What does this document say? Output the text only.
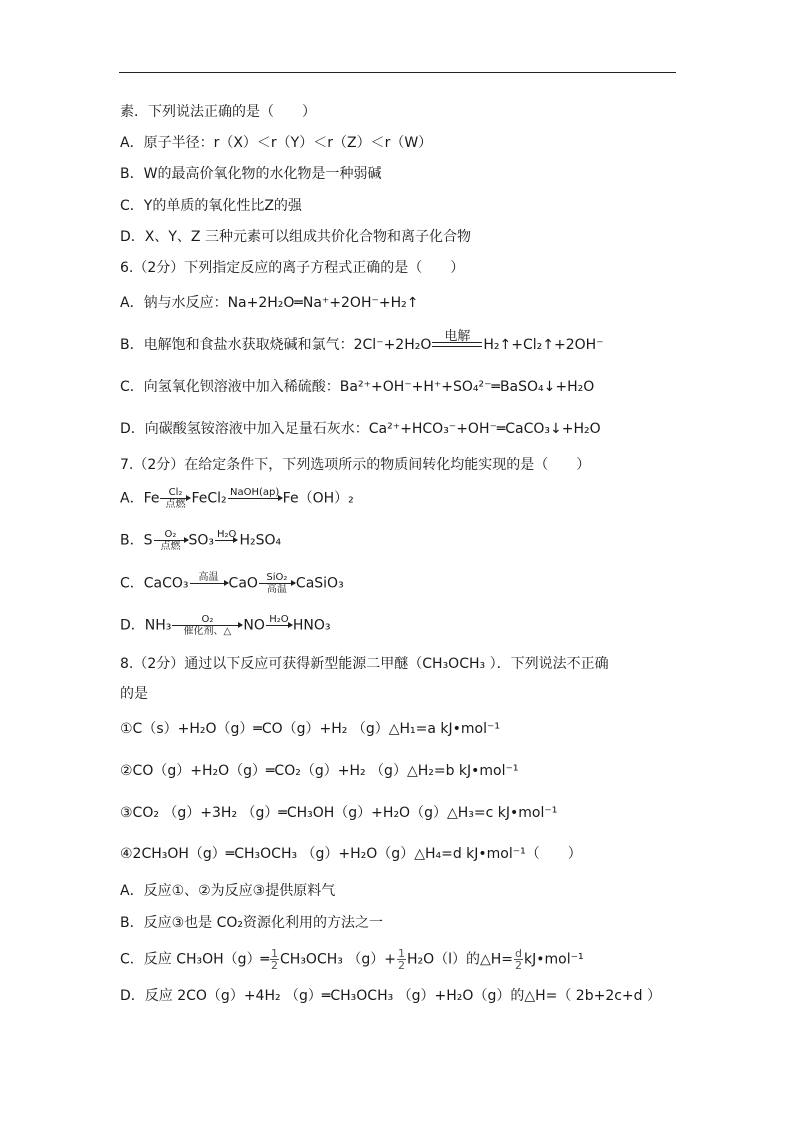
素．下列说法正确的是（　　）
A．原子半径：r（X）＜r（Y）＜r（Z）＜r（W）
B．W的最高价氧化物的水化物是一种弱碱
C．Y的单质的氧化性比Z的强
D．X、Y、Z 三种元素可以组成共价化合物和离子化合物
6.（2分）下列指定反应的离子方程式正确的是（　　）
A．钠与水反应：Na+2H₂O═Na⁺+2OH⁻+H₂↑
B．电解饱和食盐水获取烧碱和氯气：2Cl⁻+2H₂O
电解
H₂↑+Cl₂↑+2OH⁻
C．向氢氧化钡溶液中加入稀硫酸：Ba²⁺+OH⁻+H⁺+SO₄²⁻═BaSO₄↓+H₂O
D．向碳酸氢铵溶液中加入足量石灰水：Ca²⁺+HCO₃⁻+OH⁻═CaCO₃↓+H₂O
7.（2分）在给定条件下，下列选项所示的物质间转化均能实现的是（　　）
A．Fe Cl₂
点燃 FeCl₂ NaOH(ap) Fe（OH）₂
B．S	O₂
点燃 SO₃ H₂O H₂SO₄
C．CaCO₃	高温 CaO SiO₂
高温 CaSiO₃
D．NH₃	O₂
催化剂、△ NO H₂O HNO₃
8.（2分）通过以下反应可获得新型能源二甲醚（CH₃OCH₃ ）．下列说法不正确
的是
①C（s）+H₂O（g）═CO（g）+H₂ （g）△H₁=a kJ•mol⁻¹
②CO（g）+H₂O（g）═CO₂（g）+H₂ （g）△H₂=b kJ•mol⁻¹
③CO₂ （g）+3H₂ （g）═CH₃OH（g）+H₂O（g）△H₃=c kJ•mol⁻¹
④2CH₃OH（g）═CH₃OCH₃ （g）+H₂O（g）△H₄=d kJ•mol⁻¹（　　）
A．反应①、②为反应③提供原料气
B．反应③也是 CO₂资源化利用的方法之一
C．反应 CH₃OH（g）═ $\frac{1}{2} CH_3OCH_3$ $(g)+ \frac{1}{2} H_2O(l)$的△H= $\frac{d}{2}$ kJ•mol⁻¹
D．反应 2CO（g）+4H₂ （g）═CH₃OCH₃ （g）+H₂O（g）的△H=（ 2b+2c+d ）
